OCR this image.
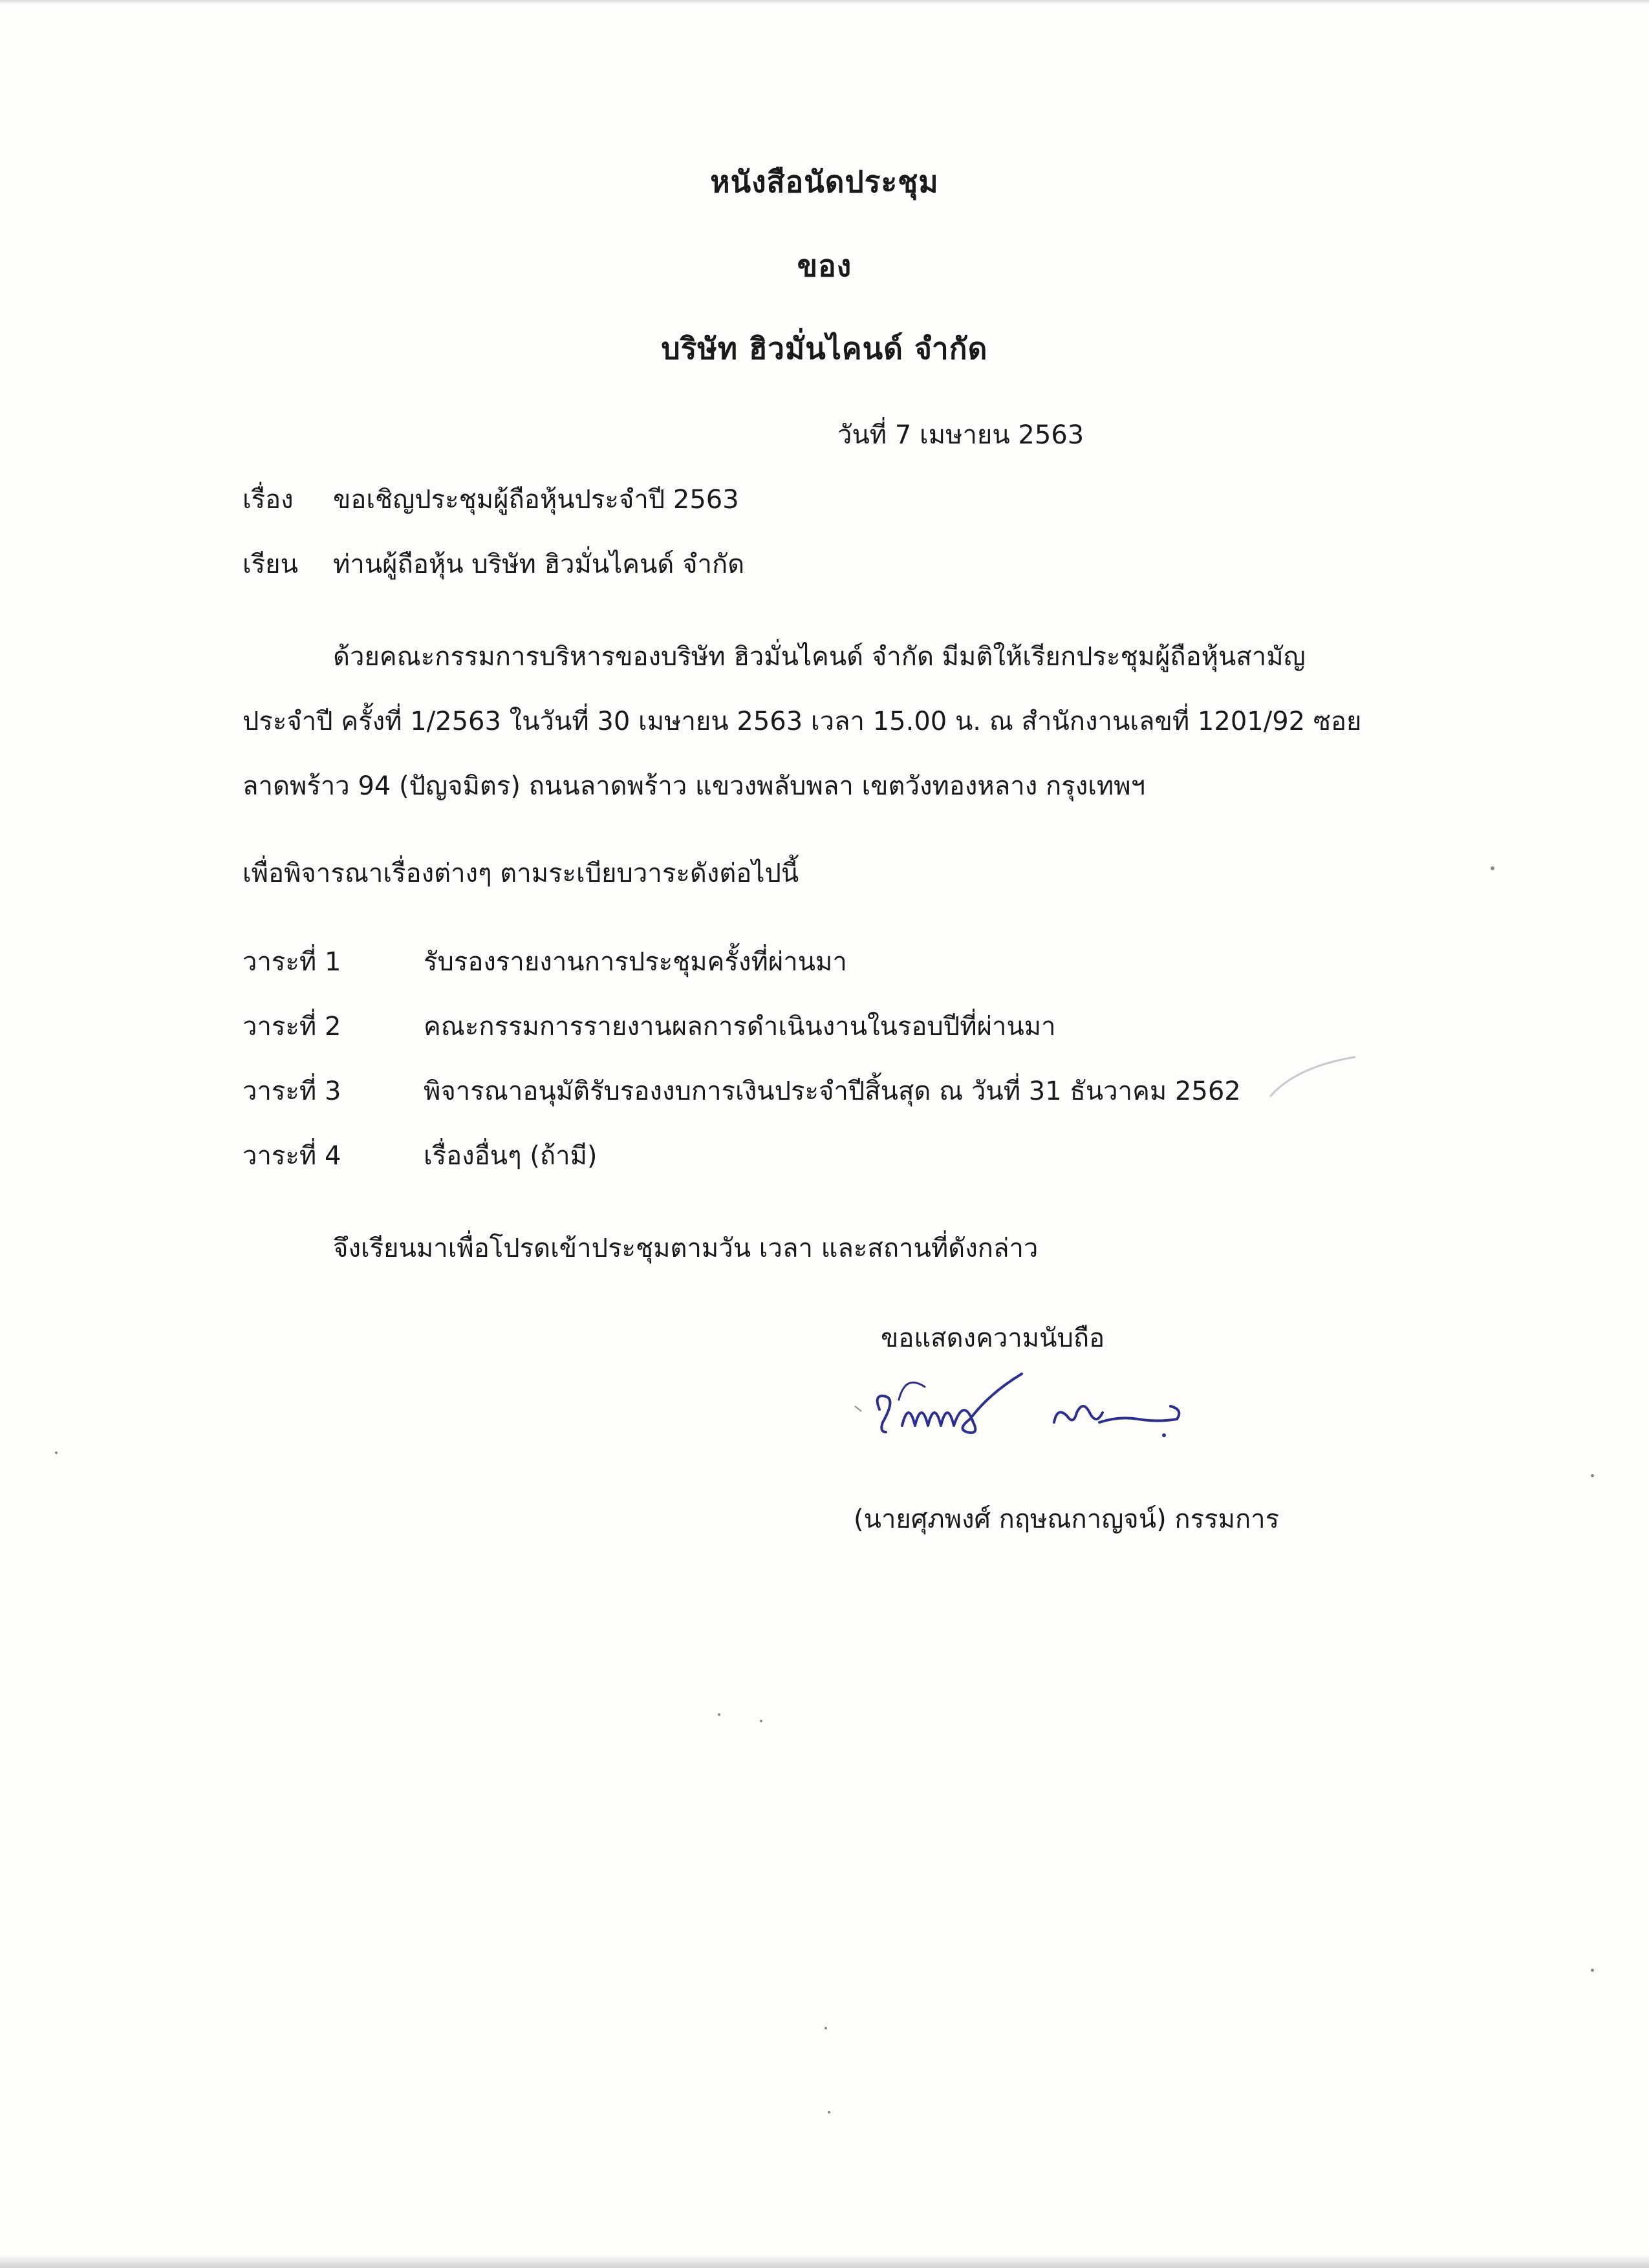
หนังสือนัดประชุม
ของ
บริษัท ฮิวมั่นไคนด์ จำกัด
วันที่ 7 เมษายน 2563
เรื่อง ขอเชิญประชุมผู้ถือหุ้นประจำปี 2563
เรียน ท่านผู้ถือหุ้น บริษัท ฮิวมั่นไคนด์ จำกัด
ด้วยคณะกรรมการบริหารของบริษัท ฮิวมั่นไคนด์ จำกัด มีมติให้เรียกประชุมผู้ถือหุ้นสามัญ
ประจำปี ครั้งที่ 1/2563 ในวันที่ 30 เมษายน 2563 เวลา 15.00 น. ณ สำนักงานเลขที่ 1201/92 ซอย
ลาดพร้าว 94 (ปัญจมิตร) ถนนลาดพร้าว แขวงพลับพลา เขตวังทองหลาง กรุงเทพฯ
เพื่อพิจารณาเรื่องต่างๆ ตามระเบียบวาระดังต่อไปนี้
วาระที่ 1	รับรองรายงานการประชุมครั้งที่ผ่านมา
วาระที่ 2	คณะกรรมการรายงานผลการดำเนินงานในรอบปีที่ผ่านมา
วาระที่ 3	พิจารณาอนุมัติรับรองงบการเงินประจำปีสิ้นสุด ณ วันที่ 31 ธันวาคม 2562
วาระที่ 4	เรื่องอื่นๆ (ถ้ามี)
จึงเรียนมาเพื่อโปรดเข้าประชุมตามวัน เวลา และสถานที่ดังกล่าว
ขอแสดงความนับถือ
(นายศุภพงศ์ กฤษณกาญจน์) กรรมการ
